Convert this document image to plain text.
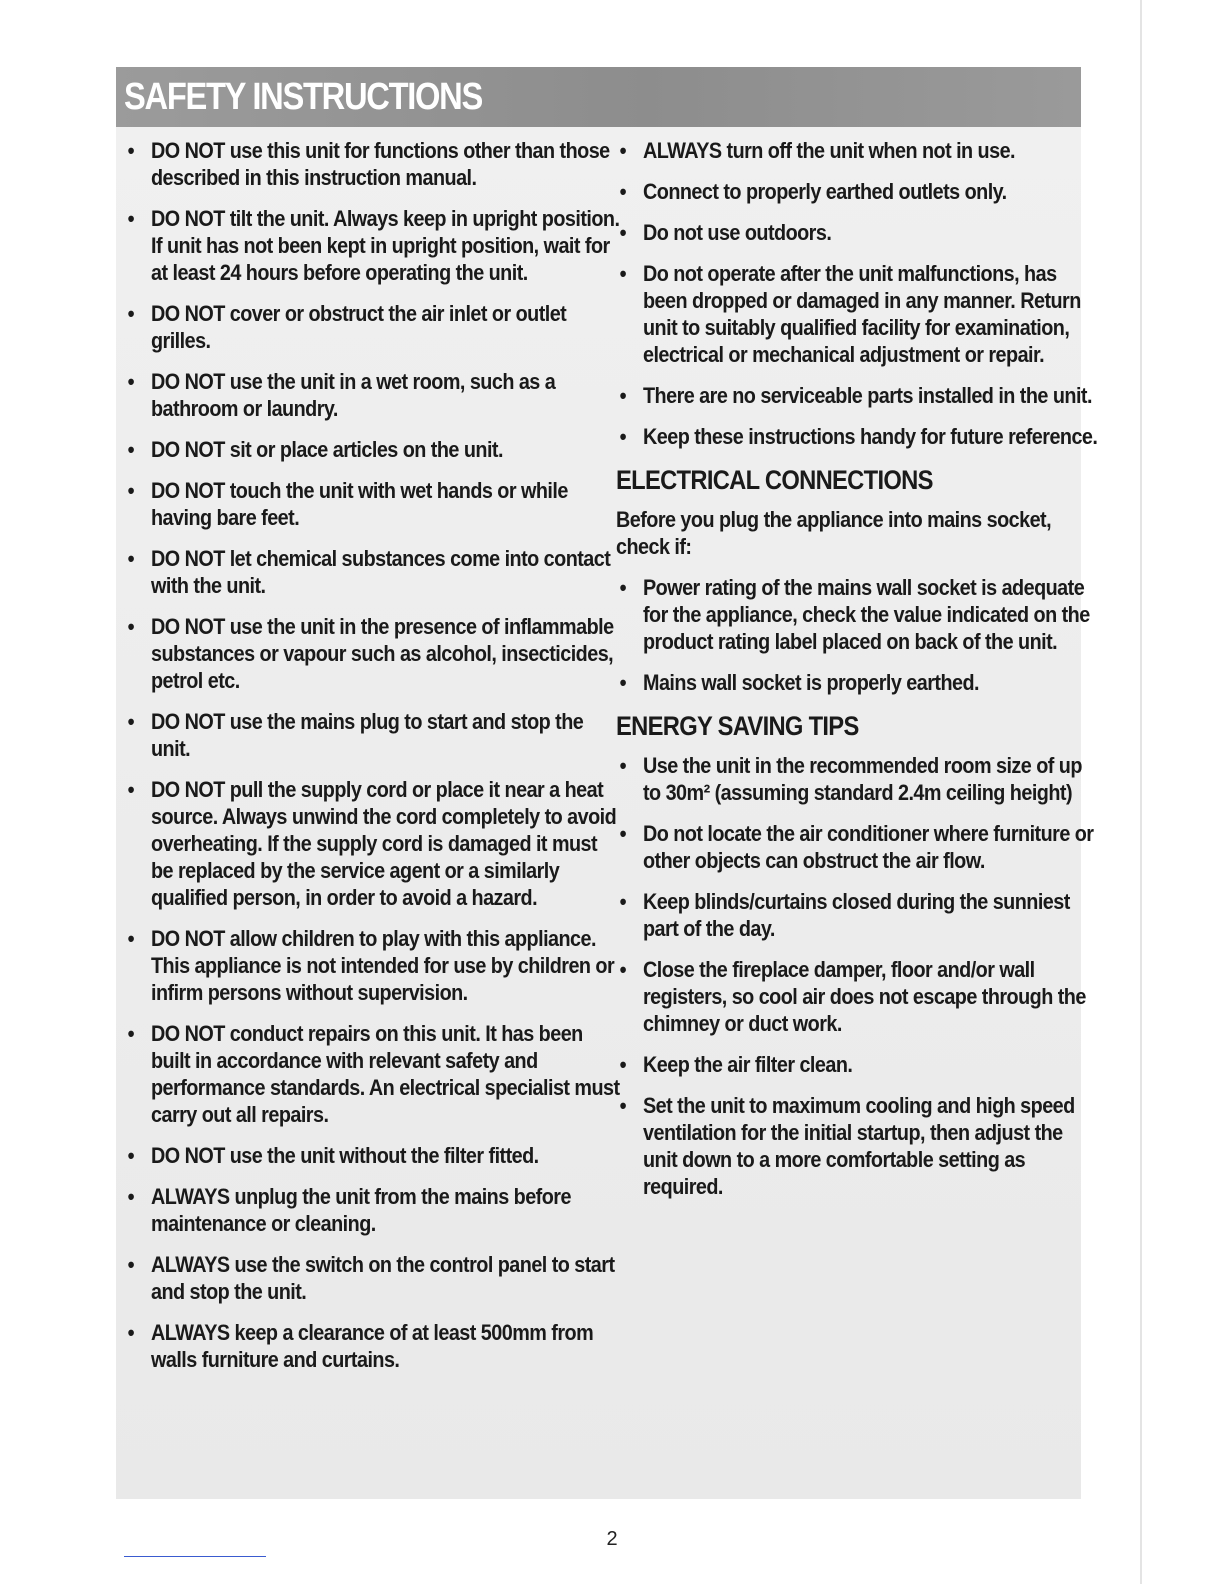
SAFETY INSTRUCTIONS
• DO NOT use this unit for functions other than those described in this instruction manual.
• DO NOT tilt the unit. Always keep in upright position. If unit has not been kept in upright position, wait for at least 24 hours before operating the unit.
• DO NOT cover or obstruct the air inlet or outlet grilles.
• DO NOT use the unit in a wet room, such as a bathroom or laundry.
• DO NOT sit or place articles on the unit.
• DO NOT touch the unit with wet hands or while having bare feet.
• DO NOT let chemical substances come into contact with the unit.
• DO NOT use the unit in the presence of inflammable substances or vapour such as alcohol, insecticides, petrol etc.
• DO NOT use the mains plug to start and stop the unit.
• DO NOT pull the supply cord or place it near a heat source. Always unwind the cord completely to avoid overheating. If the supply cord is damaged it must be replaced by the service agent or a similarly qualified person, in order to avoid a hazard.
• DO NOT allow children to play with this appliance. This appliance is not intended for use by children or infirm persons without supervision.
• DO NOT conduct repairs on this unit. It has been built in accordance with relevant safety and performance standards. An electrical specialist must carry out all repairs.
• DO NOT use the unit without the filter fitted.
• ALWAYS unplug the unit from the mains before maintenance or cleaning.
• ALWAYS use the switch on the control panel to start and stop the unit.
• ALWAYS keep a clearance of at least 500mm from walls furniture and curtains.
• ALWAYS turn off the unit when not in use.
• Connect to properly earthed outlets only.
• Do not use outdoors.
• Do not operate after the unit malfunctions, has been dropped or damaged in any manner. Return unit to suitably qualified facility for examination, electrical or mechanical adjustment or repair.
• There are no serviceable parts installed in the unit.
• Keep these instructions handy for future reference.
ELECTRICAL CONNECTIONS
Before you plug the appliance into mains socket, check if:
• Power rating of the mains wall socket is adequate for the appliance, check the value indicated on the product rating label placed on back of the unit.
• Mains wall socket is properly earthed.
ENERGY SAVING TIPS
• Use the unit in the recommended room size of up to 30m² (assuming standard 2.4m ceiling height)
• Do not locate the air conditioner where furniture or other objects can obstruct the air flow.
• Keep blinds/curtains closed during the sunniest part of the day.
• Close the fireplace damper, floor and/or wall registers, so cool air does not escape through the chimney or duct work.
• Keep the air filter clean.
• Set the unit to maximum cooling and high speed ventilation for the initial startup, then adjust the unit down to a more comfortable setting as required.
2
